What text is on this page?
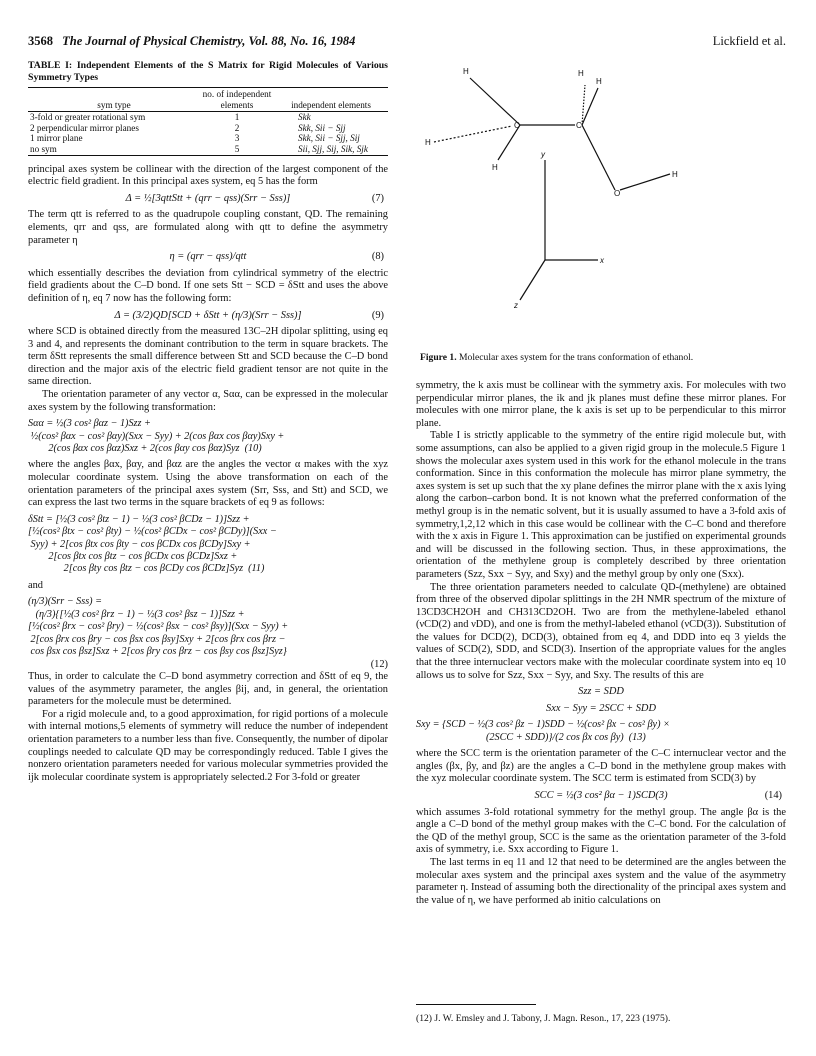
3568 The Journal of Physical Chemistry, Vol. 88, No. 16, 1984	Lickfield et al.
TABLE I: Independent Elements of the S Matrix for Rigid Molecules of Various Symmetry Types
sym type	no. of independent elements	independent elements
3-fold or greater rotational sym	1	Skk
2 perpendicular mirror planes	2	Skk, Sii − Sjj
1 mirror plane	3	Skk, Sii − Sjj, Sij
no sym	5	Sii, Sjj, Sij, Sik, Sjk

principal axes system be collinear with the direction of the largest component of the electric field gradient. In this principal axes system, eq 5 has the form

Δ = ½[3qttStt + (qrr − qss)(Srr − Sss)]	(7)

The term qtt is referred to as the quadrupole coupling constant, QD. The remaining elements, qrr and qss, are formulated along with qtt to define the asymmetry parameter η

η = (qrr − qss)/qtt	(8)

which essentially describes the deviation from cylindrical symmetry of the electric field gradients about the C–D bond. If one sets Stt − SCD = δStt and uses the above definition of η, eq 7 now has the following form:

Δ = (3/2)QD[SCD + δStt + (η/3)(Srr − Sss)]	(9)

where SCD is obtained directly from the measured 13C–2H dipolar splitting, using eq 3 and 4, and represents the dominant contribution to the term in square brackets. The term δStt represents the small difference between Stt and SCD because the C–D bond direction and the major axis of the electric field gradient tensor are not quite in the same direction.

The orientation parameter of any vector α, Sαα, can be expressed in the molecular axes system by the following transformation:

Sαα = ½(3 cos² βαz − 1)Szz +
½(cos² βαx − cos² βαy)(Sxx − Syy) + 2(cos βαx cos βαy)Sxy +
2(cos βαx cos βαz)Sxz + 2(cos βαy cos βαz)Syz  (10)

where the angles βαx, βαy, and βαz are the angles the vector α makes with the xyz molecular coordinate system. Using the above transformation on each of the orientation parameters of the principal axes system (Srr, Sss, and Stt) and SCD, we can express the last two terms in the square brackets of eq 9 as follows:

δStt = [½(3 cos² βtz − 1) − ½(3 cos² βCDz − 1)]Szz +
[½(cos² βtx − cos² βty) − ½(cos² βCDx − cos² βCDy)](Sxx −
Syy) + 2[cos βtx cos βty − cos βCDx cos βCDy]Sxy +
2[cos βtx cos βtz − cos βCDx cos βCDz]Sxz +
2[cos βty cos βtz − cos βCDy cos βCDz]Syz  (11)

and

(η/3)(Srr − Sss) =
(η/3){[½(3 cos² βrz − 1) − ½(3 cos² βsz − 1)]Szz +
[½(cos² βrx − cos² βry) − ½(cos² βsx − cos² βsy)](Sxx − Syy) +
2[cos βrx cos βry − cos βsx cos βsy]Sxy + 2[cos βrx cos βrz −
cos βsx cos βsz]Sxz + 2[cos βry cos βrz − cos βsy cos βsz]Syz}
(12)

Thus, in order to calculate the C–D bond asymmetry correction and δStt of eq 9, the values of the asymmetry parameter, the angles βij, and, in general, the orientation parameters for the molecule must be determined.

For a rigid molecule and, to a good approximation, for rigid portions of a molecule with internal motions,5 elements of symmetry will reduce the number of independent orientation parameters to a number less than five. Consequently, the number of dipolar couplings needed to calculate QD may be correspondingly reduced. Table I gives the nonzero orientation parameters needed for various molecular symmetries provided the ijk molecular coordinate system is appropriately selected.2 For 3-fold or greater

H	H
H
H
C	C
H
O
H
y
x
z
Figure 1. Molecular axes system for the trans conformation of ethanol.

symmetry, the k axis must be collinear with the symmetry axis. For molecules with two perpendicular mirror planes, the ik and jk planes must define these mirror planes. For molecules with one mirror plane, the k axis is set up to be perpendicular to this mirror plane.

Table I is strictly applicable to the symmetry of the entire rigid molecule but, with some assumptions, can also be applied to a given rigid group in the molecule.5 Figure 1 shows the molecular axes system used in this work for the ethanol molecule in the trans conformation. Since in this conformation the molecule has mirror plane symmetry, the axes system is set up such that the xy plane defines the mirror plane with the x axis lying along the carbon–carbon bond. It is not known what the preferred conformation of the methyl group is in the nematic solvent, but it is usually assumed to have a 3-fold axis of symmetry,1,2,12 which in this case would be collinear with the C–C bond and therefore with the x axis in Figure 1. This approximation can be justified on experimental grounds and will be discussed in the following section. Thus, in these approximations, the orientation of the methylene group is completely described by three orientation parameters (Szz, Sxx − Syy, and Sxy) and the methyl group by only one (Sxx).

The three orientation parameters needed to calculate QD-(methylene) are obtained from three of the observed dipolar splittings in the 2H NMR spectrum of the mixture of 13CD3CH2OH and CH313CD2OH. Two are from the methylene-labeled ethanol (νCD(2) and νDD), and one is from the methyl-labeled ethanol (νCD(3)). Substitution of the values for DCD(2), DCD(3), obtained from eq 4, and DDD into eq 3 yields the values of SCD(2), SDD, and SCD(3). Insertion of the appropriate values for the angles that the three internuclear vectors make with the molecular coordinate system into eq 10 allows us to solve for Szz, Sxx − Syy, and Sxy. The results of this are

Szz = SDD
Sxx − Syy = 2SCC + SDD
Sxy = {SCD − ½(3 cos² βz − 1)SDD − ½(cos² βx − cos² βy) ×
(2SCC + SDD)}/(2 cos βx cos βy)  (13)

where the SCC term is the orientation parameter of the C–C internuclear vector and the angles (βx, βy, and βz) are the angles a C–D bond in the methylene group makes with the xyz molecular coordinate system. The SCC term is estimated from SCD(3) by

SCC = ½(3 cos² βα − 1)SCD(3)	(14)

which assumes 3-fold rotational symmetry for the methyl group. The angle βα is the angle a C–D bond of the methyl group makes with the C–C bond. For the calculation of the QD of the methyl group, SCC is the same as the orientation parameter of the 3-fold axis of symmetry, i.e. Sxx according to Figure 1.

The last terms in eq 11 and 12 that need to be determined are the angles between the molecular axes system and the principal axes system and the value of the asymmetry parameter η. Instead of assuming both the directionality of the principal axes system and the value of η, we have performed ab initio calculations on

(12) J. W. Emsley and J. Tabony, J. Magn. Reson., 17, 223 (1975).
